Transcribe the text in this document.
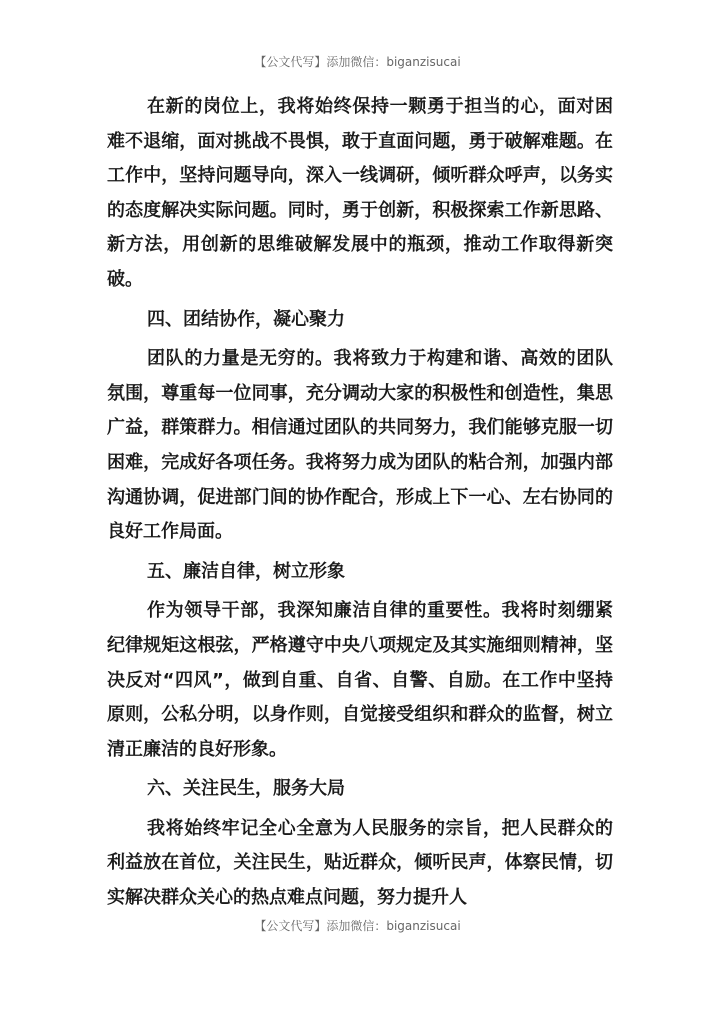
【公文代写】添加微信：biganzisucai

在新的岗位上，我将始终保持一颗勇于担当的心，面对困难不退缩，面对挑战不畏惧，敢于直面问题，勇于破解难题。在工作中，坚持问题导向，深入一线调研，倾听群众呼声，以务实的态度解决实际问题。同时，勇于创新，积极探索工作新思路、新方法，用创新的思维破解发展中的瓶颈，推动工作取得新突破。

四、团结协作，凝心聚力

团队的力量是无穷的。我将致力于构建和谐、高效的团队氛围，尊重每一位同事，充分调动大家的积极性和创造性，集思广益，群策群力。相信通过团队的共同努力，我们能够克服一切困难，完成好各项任务。我将努力成为团队的粘合剂，加强内部沟通协调，促进部门间的协作配合，形成上下一心、左右协同的良好工作局面。

五、廉洁自律，树立形象

作为领导干部，我深知廉洁自律的重要性。我将时刻绷紧纪律规矩这根弦，严格遵守中央八项规定及其实施细则精神，坚决反对“四风”，做到自重、自省、自警、自励。在工作中坚持原则，公私分明，以身作则，自觉接受组织和群众的监督，树立清正廉洁的良好形象。

六、关注民生，服务大局

我将始终牢记全心全意为人民服务的宗旨，把人民群众的利益放在首位，关注民生，贴近群众，倾听民声，体察民情，切实解决群众关心的热点难点问题，努力提升人

【公文代写】添加微信：biganzisucai
